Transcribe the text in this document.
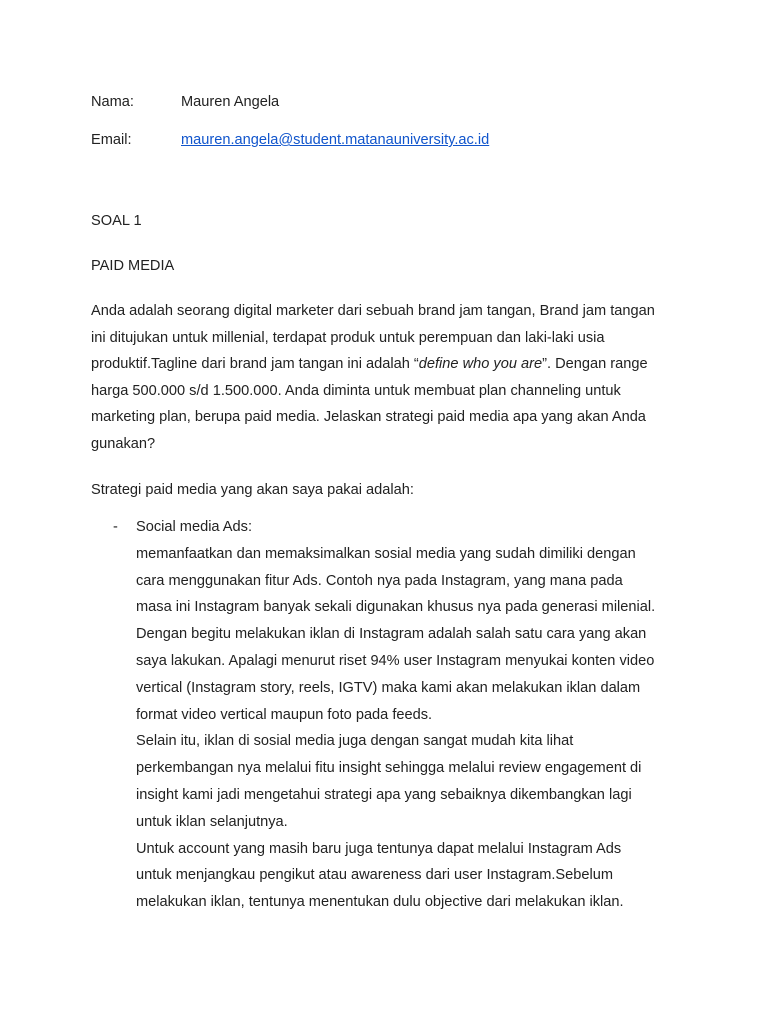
Nama:	Mauren Angela
Email:	mauren.angela@student.matanauniversity.ac.id
SOAL 1
PAID MEDIA
Anda adalah seorang digital marketer dari sebuah brand jam tangan, Brand jam tangan
ini ditujukan untuk millenial, terdapat produk untuk perempuan dan laki-laki usia
produktif.Tagline dari brand jam tangan ini adalah “define who you are”. Dengan range
harga 500.000 s/d 1.500.000. Anda diminta untuk membuat plan channeling untuk
marketing plan, berupa paid media. Jelaskan strategi paid media apa yang akan Anda
gunakan?
Strategi paid media yang akan saya pakai adalah:
- Social media Ads:
memanfaatkan dan memaksimalkan sosial media yang sudah dimiliki dengan
cara menggunakan fitur Ads. Contoh nya pada Instagram, yang mana pada
masa ini Instagram banyak sekali digunakan khusus nya pada generasi milenial.
Dengan begitu melakukan iklan di Instagram adalah salah satu cara yang akan
saya lakukan. Apalagi menurut riset 94% user Instagram menyukai konten video
vertical (Instagram story, reels, IGTV) maka kami akan melakukan iklan dalam
format video vertical maupun foto pada feeds.
Selain itu, iklan di sosial media juga dengan sangat mudah kita lihat
perkembangan nya melalui fitu insight sehingga melalui review engagement di
insight kami jadi mengetahui strategi apa yang sebaiknya dikembangkan lagi
untuk iklan selanjutnya.
Untuk account yang masih baru juga tentunya dapat melalui Instagram Ads
untuk menjangkau pengikut atau awareness dari user Instagram.Sebelum
melakukan iklan, tentunya menentukan dulu objective dari melakukan iklan.
